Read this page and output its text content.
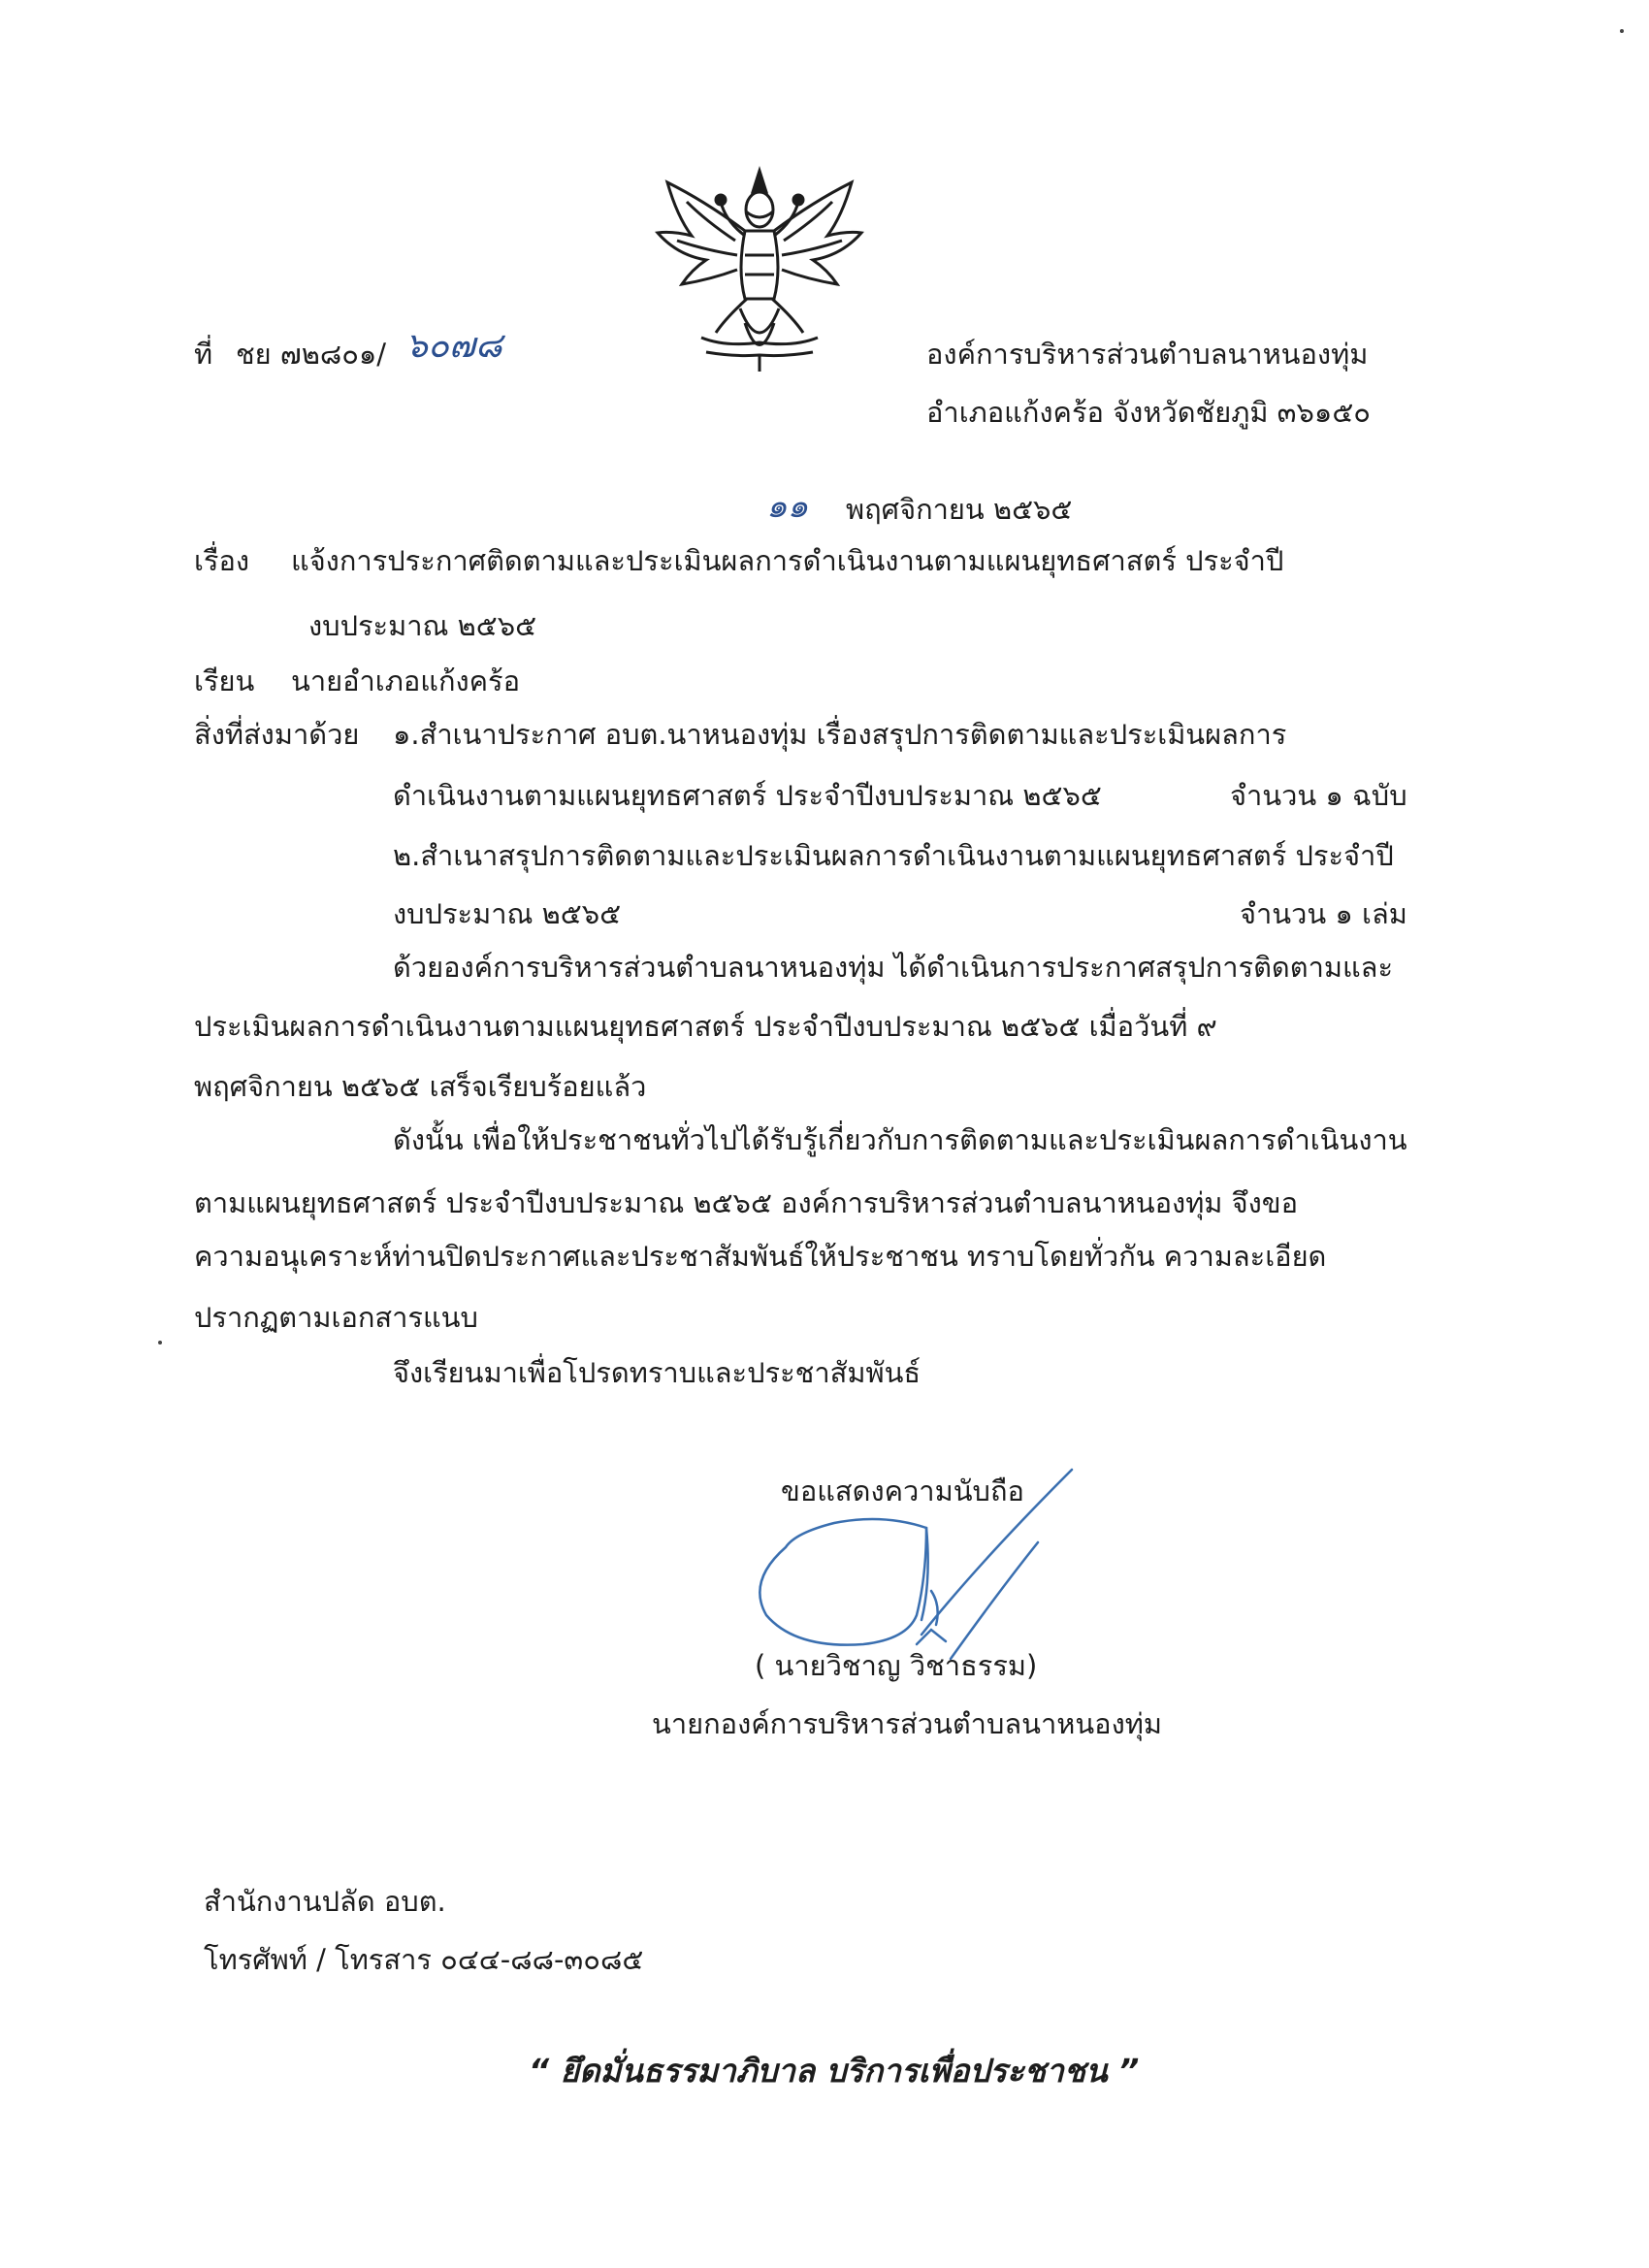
ที่ ชย ๗๒๘๐๑/ ๖๐๗๘	องค์การบริหารส่วนตำบลนาหนองทุ่ม
อำเภอแก้งคร้อ จังหวัดชัยภูมิ ๓๖๑๕๐
๑๑ พฤศจิกายน ๒๕๖๕
เรื่อง แจ้งการประกาศติดตามและประเมินผลการดำเนินงานตามแผนยุทธศาสตร์ ประจำปี
งบประมาณ ๒๕๖๕
เรียน นายอำเภอแก้งคร้อ
สิ่งที่ส่งมาด้วย ๑.สำเนาประกาศ อบต.นาหนองทุ่ม เรื่องสรุปการติดตามและประเมินผลการ
ดำเนินงานตามแผนยุทธศาสตร์ ประจำปีงบประมาณ ๒๕๖๕	จำนวน ๑ ฉบับ
๒.สำเนาสรุปการติดตามและประเมินผลการดำเนินงานตามแผนยุทธศาสตร์ ประจำปี
งบประมาณ ๒๕๖๕	จำนวน ๑ เล่ม
ด้วยองค์การบริหารส่วนตำบลนาหนองทุ่ม ได้ดำเนินการประกาศสรุปการติดตามและ
ประเมินผลการดำเนินงานตามแผนยุทธศาสตร์ ประจำปีงบประมาณ ๒๕๖๕ เมื่อวันที่ ๙
พฤศจิกายน ๒๕๖๕ เสร็จเรียบร้อยแล้ว
ดังนั้น เพื่อให้ประชาชนทั่วไปได้รับรู้เกี่ยวกับการติดตามและประเมินผลการดำเนินงาน
ตามแผนยุทธศาสตร์ ประจำปีงบประมาณ ๒๕๖๕ องค์การบริหารส่วนตำบลนาหนองทุ่ม จึงขอ
ความอนุเคราะห์ท่านปิดประกาศและประชาสัมพันธ์ให้ประชาชน ทราบโดยทั่วกัน ความละเอียด
ปรากฏตามเอกสารแนบ
จึงเรียนมาเพื่อโปรดทราบและประชาสัมพันธ์
ขอแสดงความนับถือ
( นายวิชาญ วิชาธรรม)
นายกองค์การบริหารส่วนตำบลนาหนองทุ่ม
สำนักงานปลัด อบต.
โทรศัพท์ / โทรสาร ๐๔๔-๘๘-๓๐๘๕
“ ยึดมั่นธรรมาภิบาล บริการเพื่อประชาชน ”
